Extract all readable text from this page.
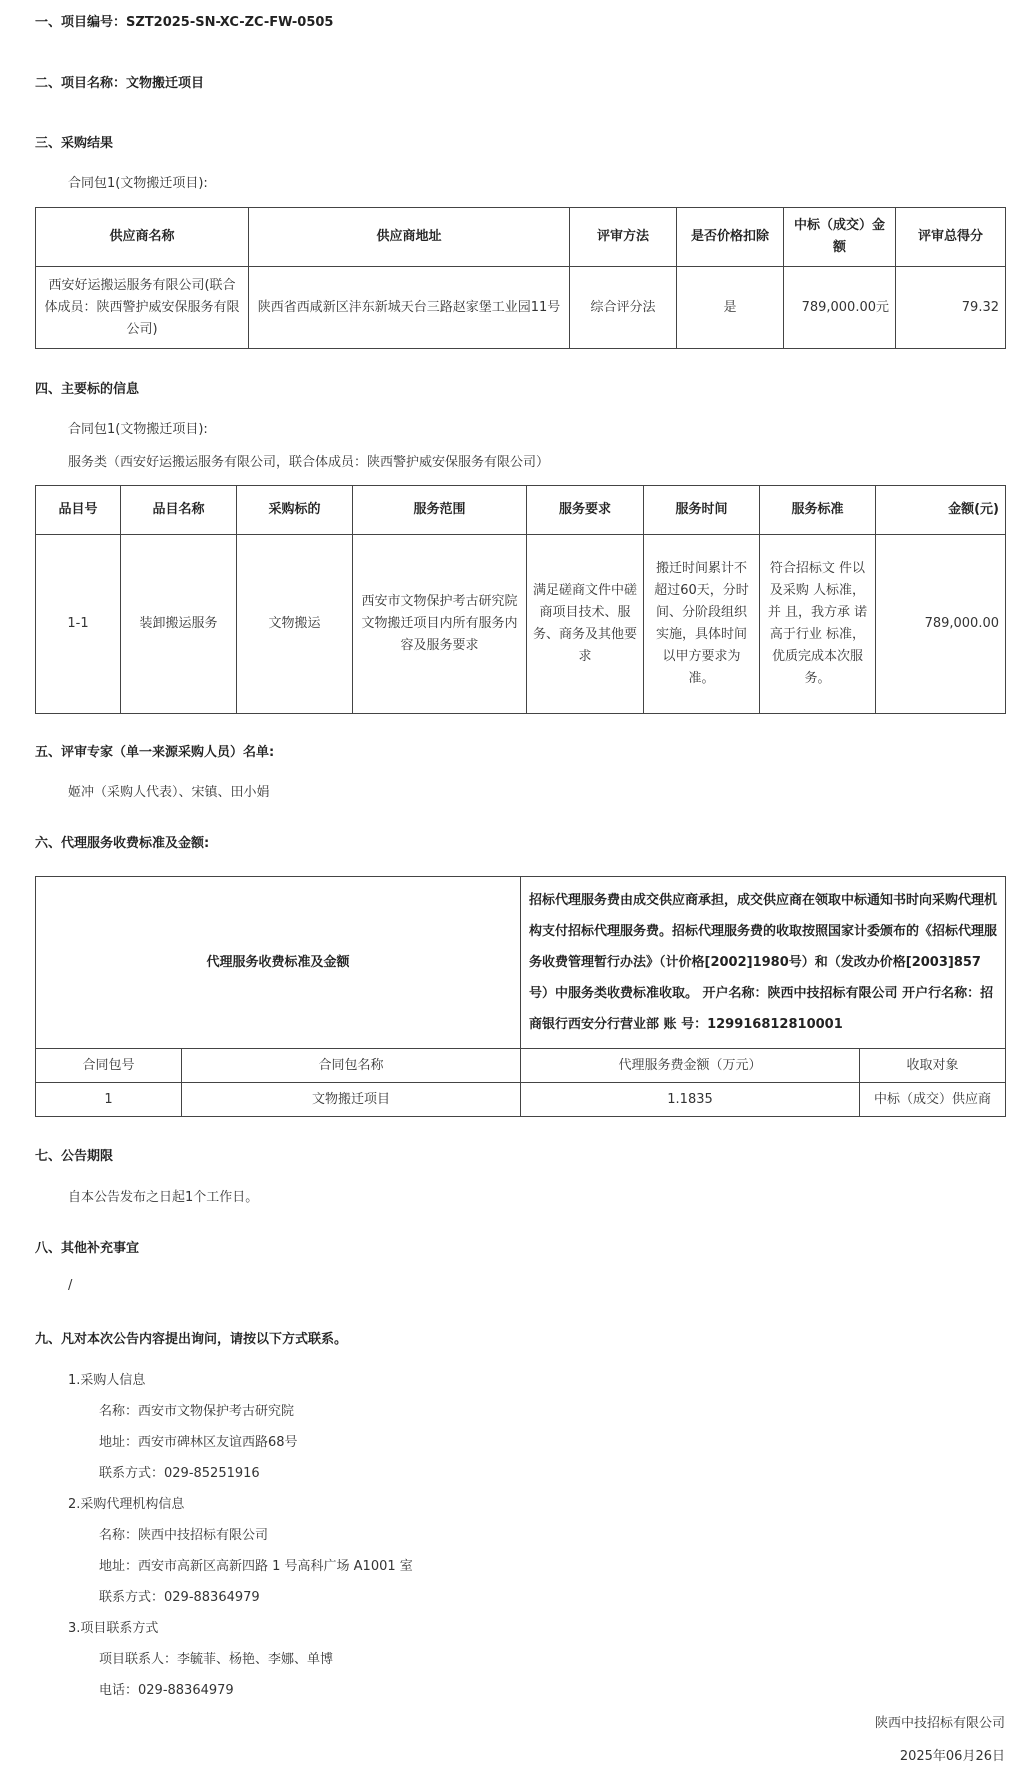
一、项目编号：SZT2025-SN-XC-ZC-FW-0505
二、项目名称：文物搬迁项目
三、采购结果
合同包1(文物搬迁项目):
供应商名称	供应商地址	评审方法	是否价格扣除	中标（成交）金额	评审总得分
西安好运搬运服务有限公司(联合体成员：陕西警护威安保服务有限公司)	陕西省西咸新区沣东新城天台三路赵家堡工业园11号	综合评分法	是	789,000.00元	79.32
四、主要标的信息
合同包1(文物搬迁项目):
服务类（西安好运搬运服务有限公司，联合体成员：陕西警护威安保服务有限公司）
品目号	品目名称	采购标的	服务范围	服务要求	服务时间	服务标准	金额(元)
1-1	装卸搬运服务	文物搬运	西安市文物保护考古研究院文物搬迁项目内所有服务内容及服务要求	满足磋商文件中磋商项目技术、服务、商务及其他要求	搬迁时间累计不超过60天，分时间、分阶段组织实施，具体时间以甲方要求为准。	符合招标文 件以及采购 人标准，并 且，我方承 诺高于行业 标准，优质完成本次服务。	789,000.00
五、评审专家（单一来源采购人员）名单:
姬冲（采购人代表）、宋镇、田小娟
六、代理服务收费标准及金额:
代理服务收费标准及金额		招标代理服务费由成交供应商承担，成交供应商在领取中标通知书时向采购代理机构支付招标代理服务费。招标代理服务费的收取按照国家计委颁布的《招标代理服务收费管理暂行办法》（计价格[2002]1980号）和（发改办价格[2003]857号）中服务类收费标准收取。 开户名称：陕西中技招标有限公司 开户行名称：招商银行西安分行营业部 账 号：129916812810001	
合同包号	合同包名称	代理服务费金额（万元）	收取对象
1	文物搬迁项目	1.1835	中标（成交）供应商
七、公告期限
自本公告发布之日起1个工作日。
八、其他补充事宜
/
九、凡对本次公告内容提出询问，请按以下方式联系。
1.采购人信息
名称：西安市文物保护考古研究院
地址：西安市碑林区友谊西路68号
联系方式：029-85251916
2.采购代理机构信息
名称：陕西中技招标有限公司
地址：西安市高新区高新四路 1 号高科广场 A1001 室
联系方式：029-88364979
3.项目联系方式
项目联系人：李毓菲、杨艳、李娜、单博
电话：029-88364979
陕西中技招标有限公司
2025年06月26日
